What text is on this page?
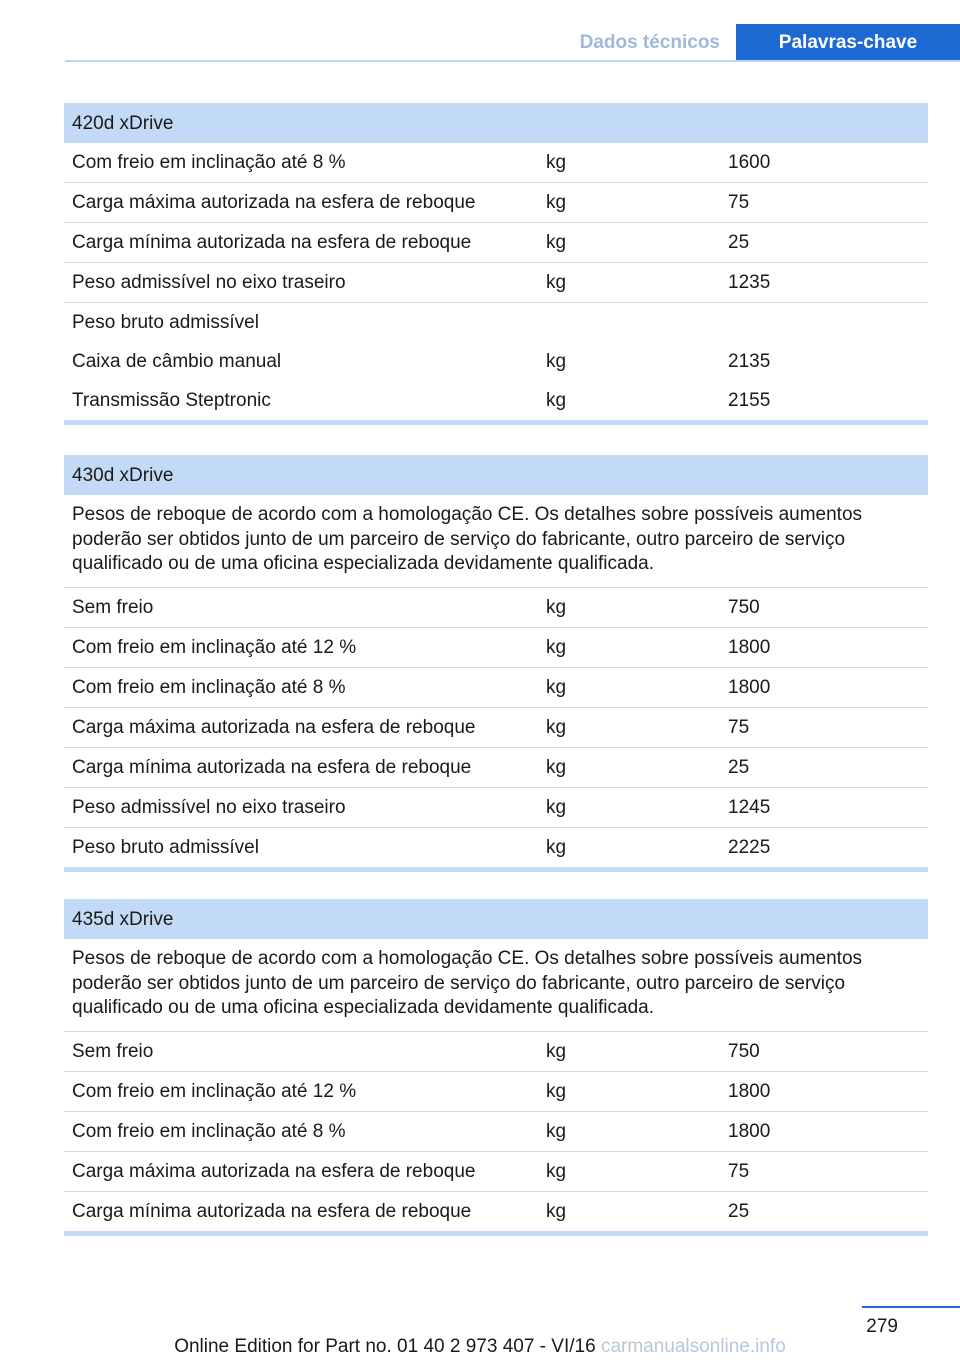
Dados técnicos	Palavras-chave
420d xDrive
Com freio em inclinação até 8 %	kg	1600
Carga máxima autorizada na esfera de reboque	kg	75
Carga mínima autorizada na esfera de reboque	kg	25
Peso admissível no eixo traseiro	kg	1235
Peso bruto admissível
Caixa de câmbio manual	kg	2135
Transmissão Steptronic	kg	2155
430d xDrive
Pesos de reboque de acordo com a homologação CE. Os detalhes sobre possíveis aumentos poderão ser obtidos junto de um parceiro de serviço do fabricante, outro parceiro de serviço qualificado ou de uma oficina especializada devidamente qualificada.
Sem freio	kg	750
Com freio em inclinação até 12 %	kg	1800
Com freio em inclinação até 8 %	kg	1800
Carga máxima autorizada na esfera de reboque	kg	75
Carga mínima autorizada na esfera de reboque	kg	25
Peso admissível no eixo traseiro	kg	1245
Peso bruto admissível	kg	2225
435d xDrive
Pesos de reboque de acordo com a homologação CE. Os detalhes sobre possíveis aumentos poderão ser obtidos junto de um parceiro de serviço do fabricante, outro parceiro de serviço qualificado ou de uma oficina especializada devidamente qualificada.
Sem freio	kg	750
Com freio em inclinação até 12 %	kg	1800
Com freio em inclinação até 8 %	kg	1800
Carga máxima autorizada na esfera de reboque	kg	75
Carga mínima autorizada na esfera de reboque	kg	25
279
Online Edition for Part no. 01 40 2 973 407 - VI/16 carmanualsonline.info
